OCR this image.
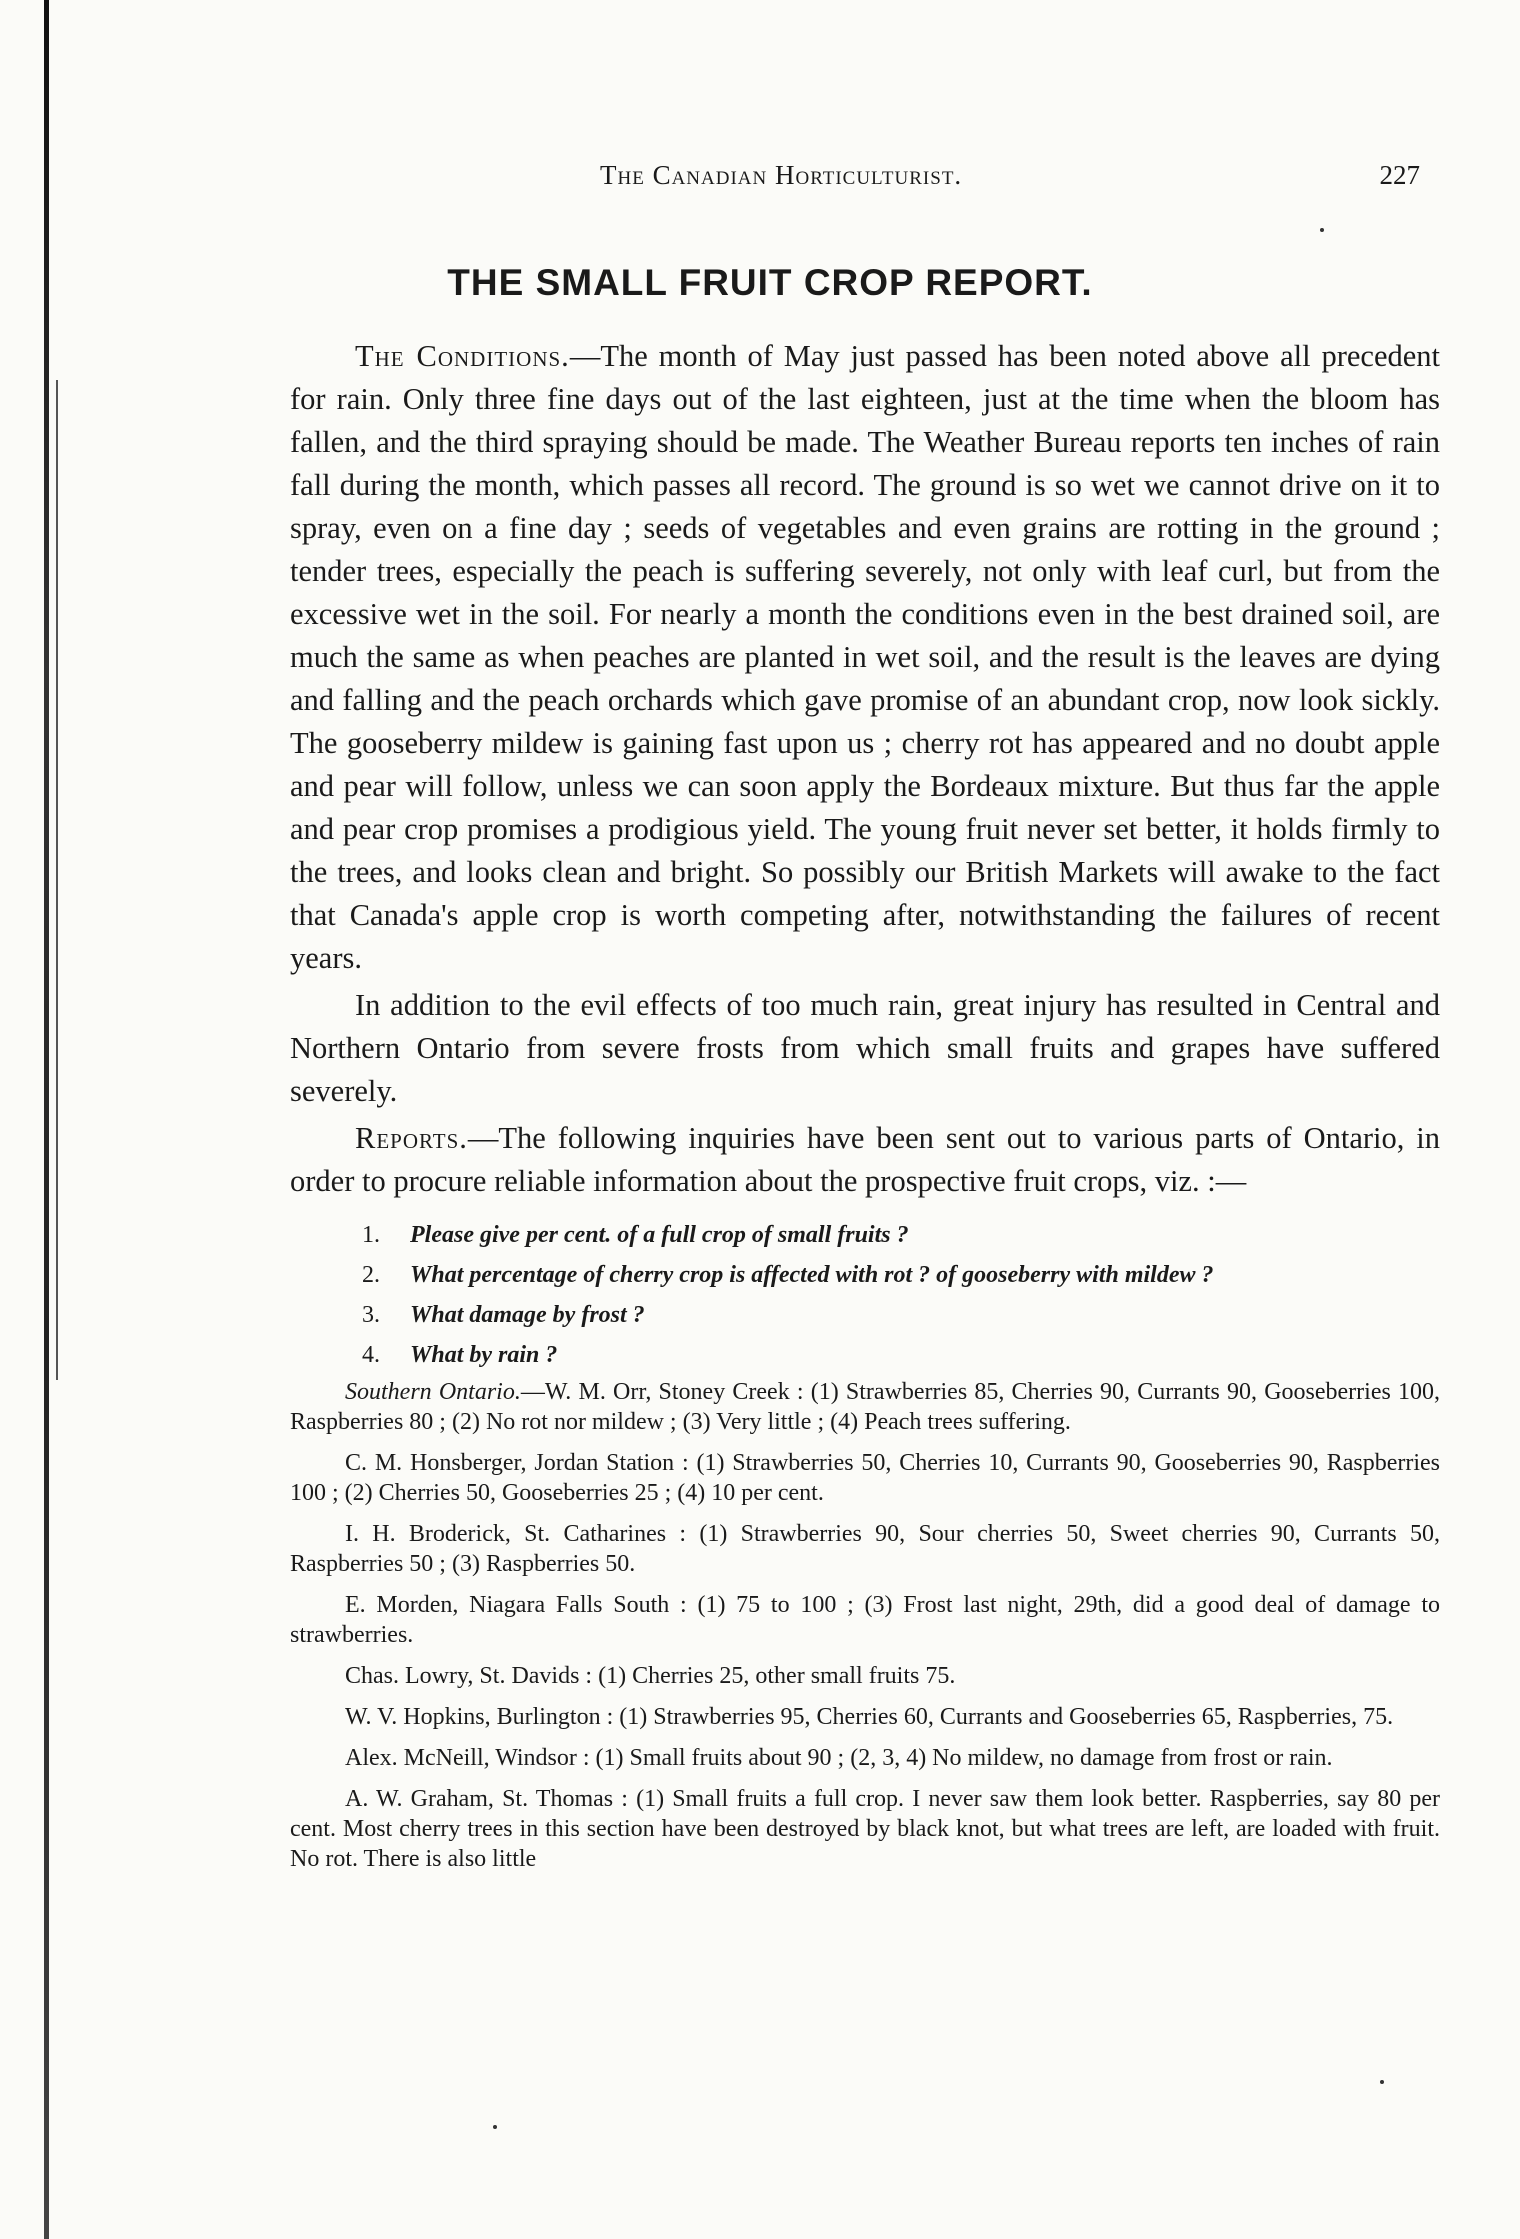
The Canadian Horticulturist.	227
THE SMALL FRUIT CROP REPORT.

The Conditions.—The month of May just passed has been noted above all precedent for rain. Only three fine days out of the last eighteen, just at the time when the bloom has fallen, and the third spraying should be made. The Weather Bureau reports ten inches of rain fall during the month, which passes all record. The ground is so wet we cannot drive on it to spray, even on a fine day ; seeds of vegetables and even grains are rotting in the ground ; tender trees, especially the peach is suffering severely, not only with leaf curl, but from the excessive wet in the soil. For nearly a month the conditions even in the best drained soil, are much the same as when peaches are planted in wet soil, and the result is the leaves are dying and falling and the peach orchards which gave promise of an abundant crop, now look sickly. The gooseberry mildew is gaining fast upon us ; cherry rot has appeared and no doubt apple and pear will follow, unless we can soon apply the Bordeaux mixture. But thus far the apple and pear crop promises a prodigious yield. The young fruit never set better, it holds firmly to the trees, and looks clean and bright. So possibly our British Markets will awake to the fact that Canada's apple crop is worth competing after, notwithstanding the failures of recent years.

In addition to the evil effects of too much rain, great injury has resulted in Central and Northern Ontario from severe frosts from which small fruits and grapes have suffered severely.

Reports.—The following inquiries have been sent out to various parts of Ontario, in order to procure reliable information about the prospective fruit crops, viz. :—

1. Please give per cent. of a full crop of small fruits ?
2. What percentage of cherry crop is affected with rot ? of gooseberry with mildew ?
3. What damage by frost ?
4. What by rain ?

Southern Ontario.—W. M. Orr, Stoney Creek : (1) Strawberries 85, Cherries 90, Currants 90, Gooseberries 100, Raspberries 80 ; (2) No rot nor mildew ; (3) Very little ; (4) Peach trees suffering.

C. M. Honsberger, Jordan Station : (1) Strawberries 50, Cherries 10, Currants 90, Gooseberries 90, Raspberries 100 ; (2) Cherries 50, Gooseberries 25 ; (4) 10 per cent.

I. H. Broderick, St. Catharines : (1) Strawberries 90, Sour cherries 50, Sweet cherries 90, Currants 50, Raspberries 50 ; (3) Raspberries 50.

E. Morden, Niagara Falls South : (1) 75 to 100 ; (3) Frost last night, 29th, did a good deal of damage to strawberries.

Chas. Lowry, St. Davids : (1) Cherries 25, other small fruits 75.

W. V. Hopkins, Burlington : (1) Strawberries 95, Cherries 60, Currants and Gooseberries 65, Raspberries, 75.

Alex. McNeill, Windsor : (1) Small fruits about 90 ; (2, 3, 4) No mildew, no damage from frost or rain.

A. W. Graham, St. Thomas : (1) Small fruits a full crop. I never saw them look better. Raspberries, say 80 per cent. Most cherry trees in this section have been destroyed by black knot, but what trees are left, are loaded with fruit. No rot. There is also little
